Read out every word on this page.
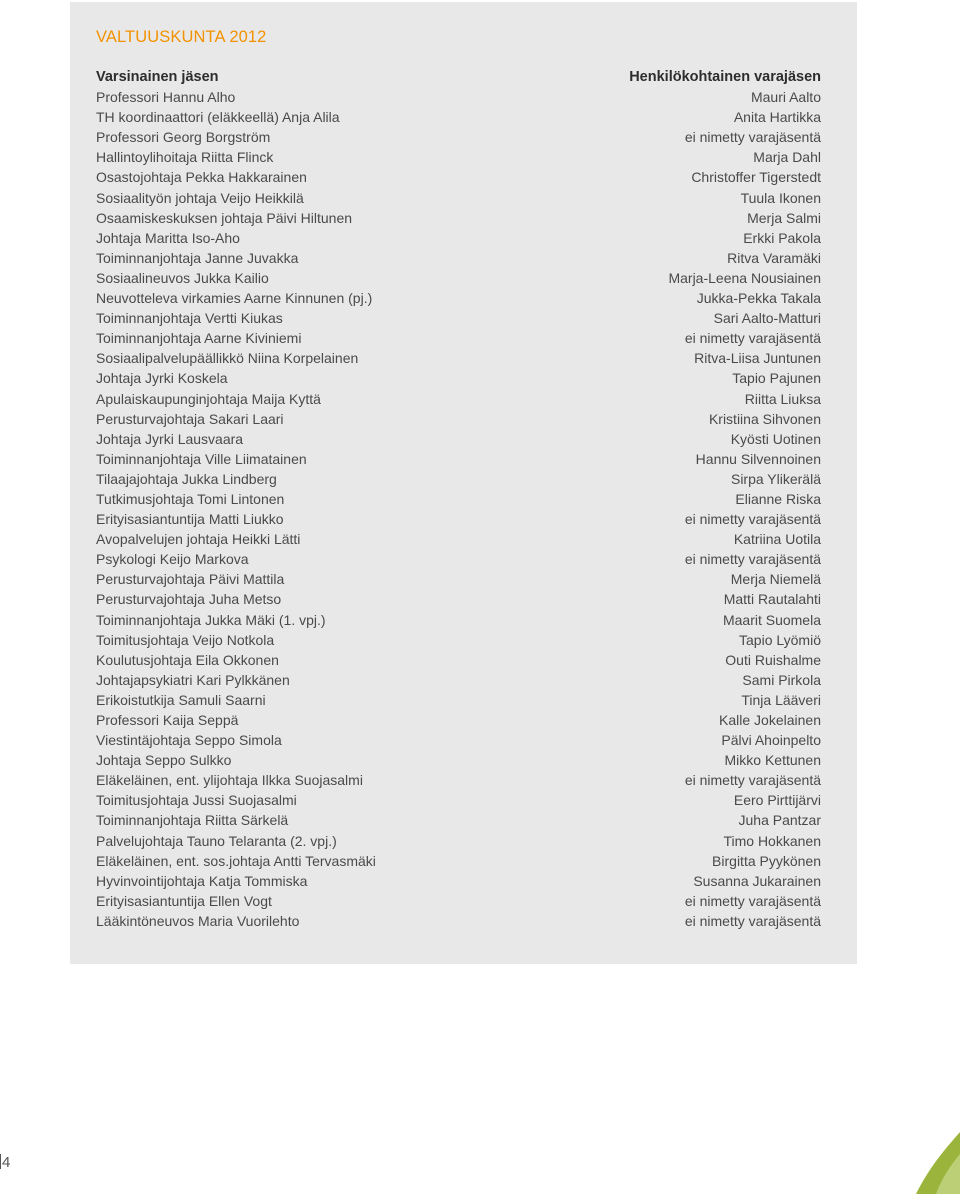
VALTUUSKUNTA 2012
Varsinainen jäsen
Professori Hannu Alho
TH koordinaattori (eläkkeellä) Anja Alila
Professori Georg Borgström
Hallintoylihoitaja Riitta Flinck
Osastojohtaja Pekka Hakkarainen
Sosiaalityön johtaja Veijo Heikkilä
Osaamiskeskuksen johtaja Päivi Hiltunen
Johtaja Maritta Iso-Aho
Toiminnanjohtaja Janne Juvakka
Sosiaalineuvos Jukka Kailio
Neuvotteleva virkamies Aarne Kinnunen (pj.)
Toiminnanjohtaja Vertti Kiukas
Toiminnanjohtaja Aarne Kiviniemi
Sosiaalipalvelupäällikkö Niina Korpelainen
Johtaja Jyrki Koskela
Apulaiskaupunginjohtaja Maija Kyttä
Perusturvajohtaja Sakari Laari
Johtaja Jyrki Lausvaara
Toiminnanjohtaja Ville Liimatainen
Tilaajajohtaja Jukka Lindberg
Tutkimusjohtaja Tomi Lintonen
Erityisasiantuntija Matti Liukko
Avopalvelujen johtaja Heikki Lätti
Psykologi Keijo Markova
Perusturvajohtaja Päivi Mattila
Perusturvajohtaja Juha Metso
Toiminnanjohtaja Jukka Mäki (1. vpj.)
Toimitusjohtaja Veijo Notkola
Koulutusjohtaja Eila Okkonen
Johtajapsykiatri Kari Pylkkänen
Erikoistutkija Samuli Saarni
Professori Kaija Seppä
Viestintäjohtaja Seppo Simola
Johtaja Seppo Sulkko
Eläkeläinen, ent. ylijohtaja Ilkka Suojasalmi
Toimitusjohtaja Jussi Suojasalmi
Toiminnanjohtaja Riitta Särkelä
Palvelujohtaja Tauno Telaranta (2. vpj.)
Eläkeläinen, ent. sos.johtaja Antti Tervasmäki
Hyvinvointijohtaja Katja Tommiska
Erityisasiantuntija Ellen Vogt
Lääkintöneuvos Maria Vuorilehto
Henkilökohtainen varajäsen
Mauri Aalto
Anita Hartikka
ei nimetty varajäsentä
Marja Dahl
Christoffer Tigerstedt
Tuula Ikonen
Merja Salmi
Erkki Pakola
Ritva Varamäki
Marja-Leena Nousiainen
Jukka-Pekka Takala
Sari Aalto-Matturi
ei nimetty varajäsentä
Ritva-Liisa Juntunen
Tapio Pajunen
Riitta Liuksa
Kristiina Sihvonen
Kyösti Uotinen
Hannu Silvennoinen
Sirpa Ylikerälä
Elianne Riska
ei nimetty varajäsentä
Katriina Uotila
ei nimetty varajäsentä
Merja Niemelä
Matti Rautalahti
Maarit Suomela
Tapio Lyömiö
Outi Ruishalme
Sami Pirkola
Tinja Lääveri
Kalle Jokelainen
Pälvi Ahoinpelto
Mikko Kettunen
ei nimetty varajäsentä
Eero Pirttijärvi
Juha Pantzar
Timo Hokkanen
Birgitta Pyykönen
Susanna Jukarainen
ei nimetty varajäsentä
ei nimetty varajäsentä
4
